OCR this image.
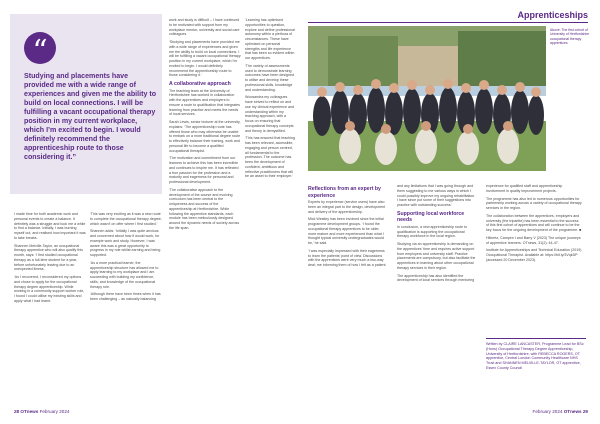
“
Studying and placements have provided me with a wide range of experiences and given me the ability to build on local connections. I will be fulfilling a vacant occupational therapy position in my current workplace, which I’m excited to begin. I would definitely recommend the apprenticeship route to those considering it.”

I made time for both academic work and personal events to create a balance. It definitely was a struggle and took me a while to find a balance. Initially, I was burning myself out, and realised how important it was to take breaks.

Shannen Melville-Taylor, an occupational therapy apprentice who will also qualify this month, says: ‘I first studied occupational therapy as a full-time student for a year, before unfortunately leaving due to an unexpected illness.

‘As I recovered, I reconsidered my options and chose to apply for the occupational therapy degree apprenticeship. While working in a community support worker role, I found I could utilise my existing skills and apply what I had learnt.

‘This was very exciting as it was a new route to complete the occupational therapy degree, which wasn’t on offer where I first studied.’

Shannen adds: ‘Initially I was quite anxious and concerned about how it would work, for example work and study. However, I was aware this was a great opportunity to progress in my role whilst earning and being supported.

‘As a more practical learner, the apprenticeship structure has allowed me to apply learning to my workplace and I am succeeding with building my confidence, skills, and knowledge of the occupational therapy role.

‘Although there have been times when it has been challenging – as naturally balancing

work and study is difficult – I have continued to be motivated with support from my workplace mentor, university and social care colleagues.

‘Studying and placements have provided me with a wide range of experiences and given me the ability to build on local connections. I will be fulfilling a vacant occupational therapy position in my current workplace, which I’m excited to begin. I would definitely recommend the apprenticeship route to those considering it.’

A collaborative approach

The teaching team at the University of Hertfordshire has worked in collaboration with the apprentices and employers to ensure a route to qualification that integrates learning from practice and meets the needs of local services.

Sarah Lewis, senior lecturer at the university, explains: ‘The apprenticeship route has offered those who may otherwise be unable to embark on a more traditional degree route to effectively balance their training, work and personal life to become a qualified occupational therapist.

‘The motivation and commitment from our learners to achieve this has been incredible and continues to inspire me. It has reflected a true passion for the profession and a maturity and eagerness for personal and professional development.

‘The collaborative approach to the development of the course and evolving curriculum has been central to the uniqueness and success of the apprenticeship at Hertfordshire. While following the apprentice standards, each module has been meticulously designed around the dynamic needs of society across the life span.

‘Learning has optimised opportunities to question, explore and define professional autonomy within a plethora of circumstances. These have optimised on personal strengths and life experience that has been so evident within our apprentices.

‘The variety of assessments used to demonstrate learning outcomes have been designed to utilise and develop these professional skills, knowledge and understanding.

Woosandra my colleagues have strived to reflect on and use my clinical experience and understanding within my teaching approach, with a focus on ensuring that occupational therapy concepts and theory is demystified.

‘This has ensured that teaching has been relevant, accessible, engaging and person centred, all fundamental to the profession. The outcome has been the development of confident, ambitious and reflective practitioners that will be an asset to their employer.’

28 OTnews February 2024
Apprenticeships
Above: The first cohort of University of Hertfordshire occupational therapy apprentices
Reflections from an expert by experience

Experts by experience (service users) have also been an integral part to the design, development and delivery of the apprenticeship.

Mick Westley has been involved since the initial programme development groups. ‘I found the occupational therapy apprentices to be older, more mature and more experienced than what I thought typical university undergraduates would be,’ he said.

‘I was especially impressed with their eagerness to learn the patients’ point of view. Discussions with the apprentices were very much a two-way deal; me informing them of how I felt as a patient.

and any limitations that I was going through and them suggesting to me various ways in which I could possibly improve my ongoing rehabilitation. I have since put some of their suggestions into practice with outstanding success.’

Supporting local workforce needs

In conclusion, a new apprenticeship route to qualification is supporting the occupational therapy workforce in the local region.

Studying via an apprenticeship is demanding on the apprentices’ time and requires active support from employers and university staff. Practice placements are compulsory, but also facilitate the apprentices in learning about other occupational therapy services in their region.

The apprenticeship has also identified the development of local services through mentoring

experience for qualified staff and apprenticeship involvement in quality improvement projects.

The programme has also led to numerous opportunities for partnership working across a variety of occupational therapy services in the region.

The collaboration between the apprentices, employers and university (the tripartite) has been essential to the success of this first cohort of apprentices and will continue to be the key focus for the ongoing development of the programme. ■

Hilbertz, Campen I and Barry V (2023) The unique journeys of apprentice learners. OTnews, 31(2): 44-47.

Institute for Apprenticeships and Technical Education (2019) Occupational Therapist. Available at: https://bit.ly/3VqkDP (accessed 20 December 2023).

Written by CLAIRE LANCASTER, Programme Lead for BSc (Hons) Occupational Therapy Degree Apprenticeship, University of Hertfordshire, with REBECCA ROGERS, OT apprentice, Central London Community Healthcare NHS Trust and SHANNEN MELVILLE-TAYLOR, OT apprentice, Essex County Council
February 2024 OTnews 29
